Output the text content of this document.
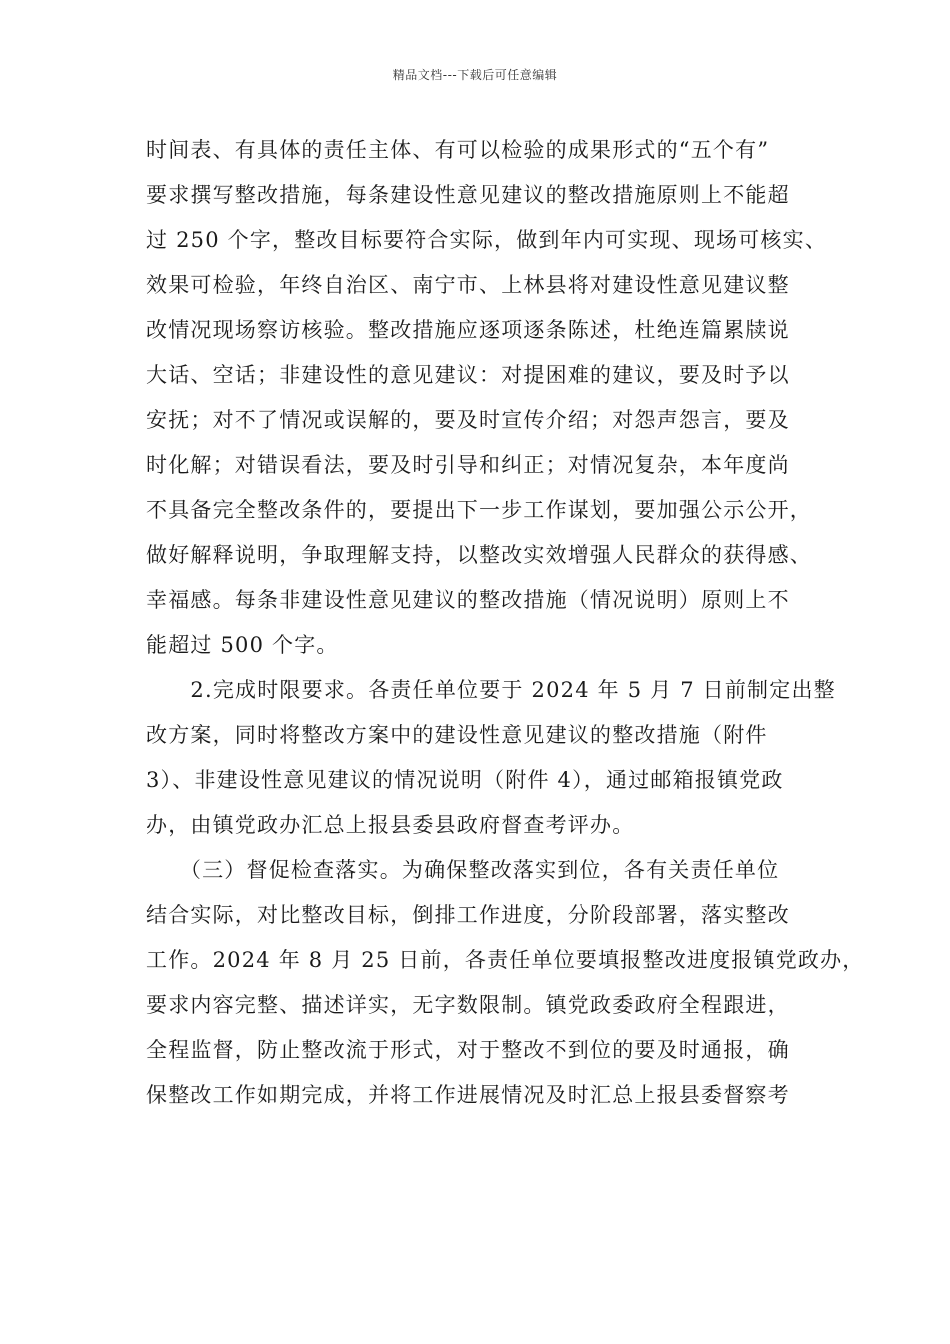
精品文档---下载后可任意编辑

时间表、有具体的责任主体、有可以检验的成果形式的“五个有”
要求撰写整改措施，每条建设性意见建议的整改措施原则上不能超
过 250 个字，整改目标要符合实际，做到年内可实现、现场可核实、
效果可检验，年终自治区、南宁市、上林县将对建设性意见建议整
改情况现场察访核验。整改措施应逐项逐条陈述，杜绝连篇累牍说
大话、空话；非建设性的意见建议：对提困难的建议，要及时予以
安抚；对不了情况或误解的，要及时宣传介绍；对怨声怨言，要及
时化解；对错误看法，要及时引导和纠正；对情况复杂，本年度尚
不具备完全整改条件的，要提出下一步工作谋划，要加强公示公开，
做好解释说明，争取理解支持，以整改实效增强人民群众的获得感、
幸福感。每条非建设性意见建议的整改措施（情况说明）原则上不
能超过 500 个字。

　　2.完成时限要求。各责任单位要于 2024 年 5 月 7 日前制定出整
改方案，同时将整改方案中的建设性意见建议的整改措施（附件
3）、非建设性意见建议的情况说明（附件 4），通过邮箱报镇党政
办，由镇党政办汇总上报县委县政府督查考评办。

　　（三）督促检查落实。为确保整改落实到位，各有关责任单位
结合实际，对比整改目标，倒排工作进度，分阶段部署，落实整改
工作。2024 年 8 月 25 日前，各责任单位要填报整改进度报镇党政办，
要求内容完整、描述详实，无字数限制。镇党政委政府全程跟进，
全程监督，防止整改流于形式，对于整改不到位的要及时通报，确
保整改工作如期完成，并将工作进展情况及时汇总上报县委督察考
